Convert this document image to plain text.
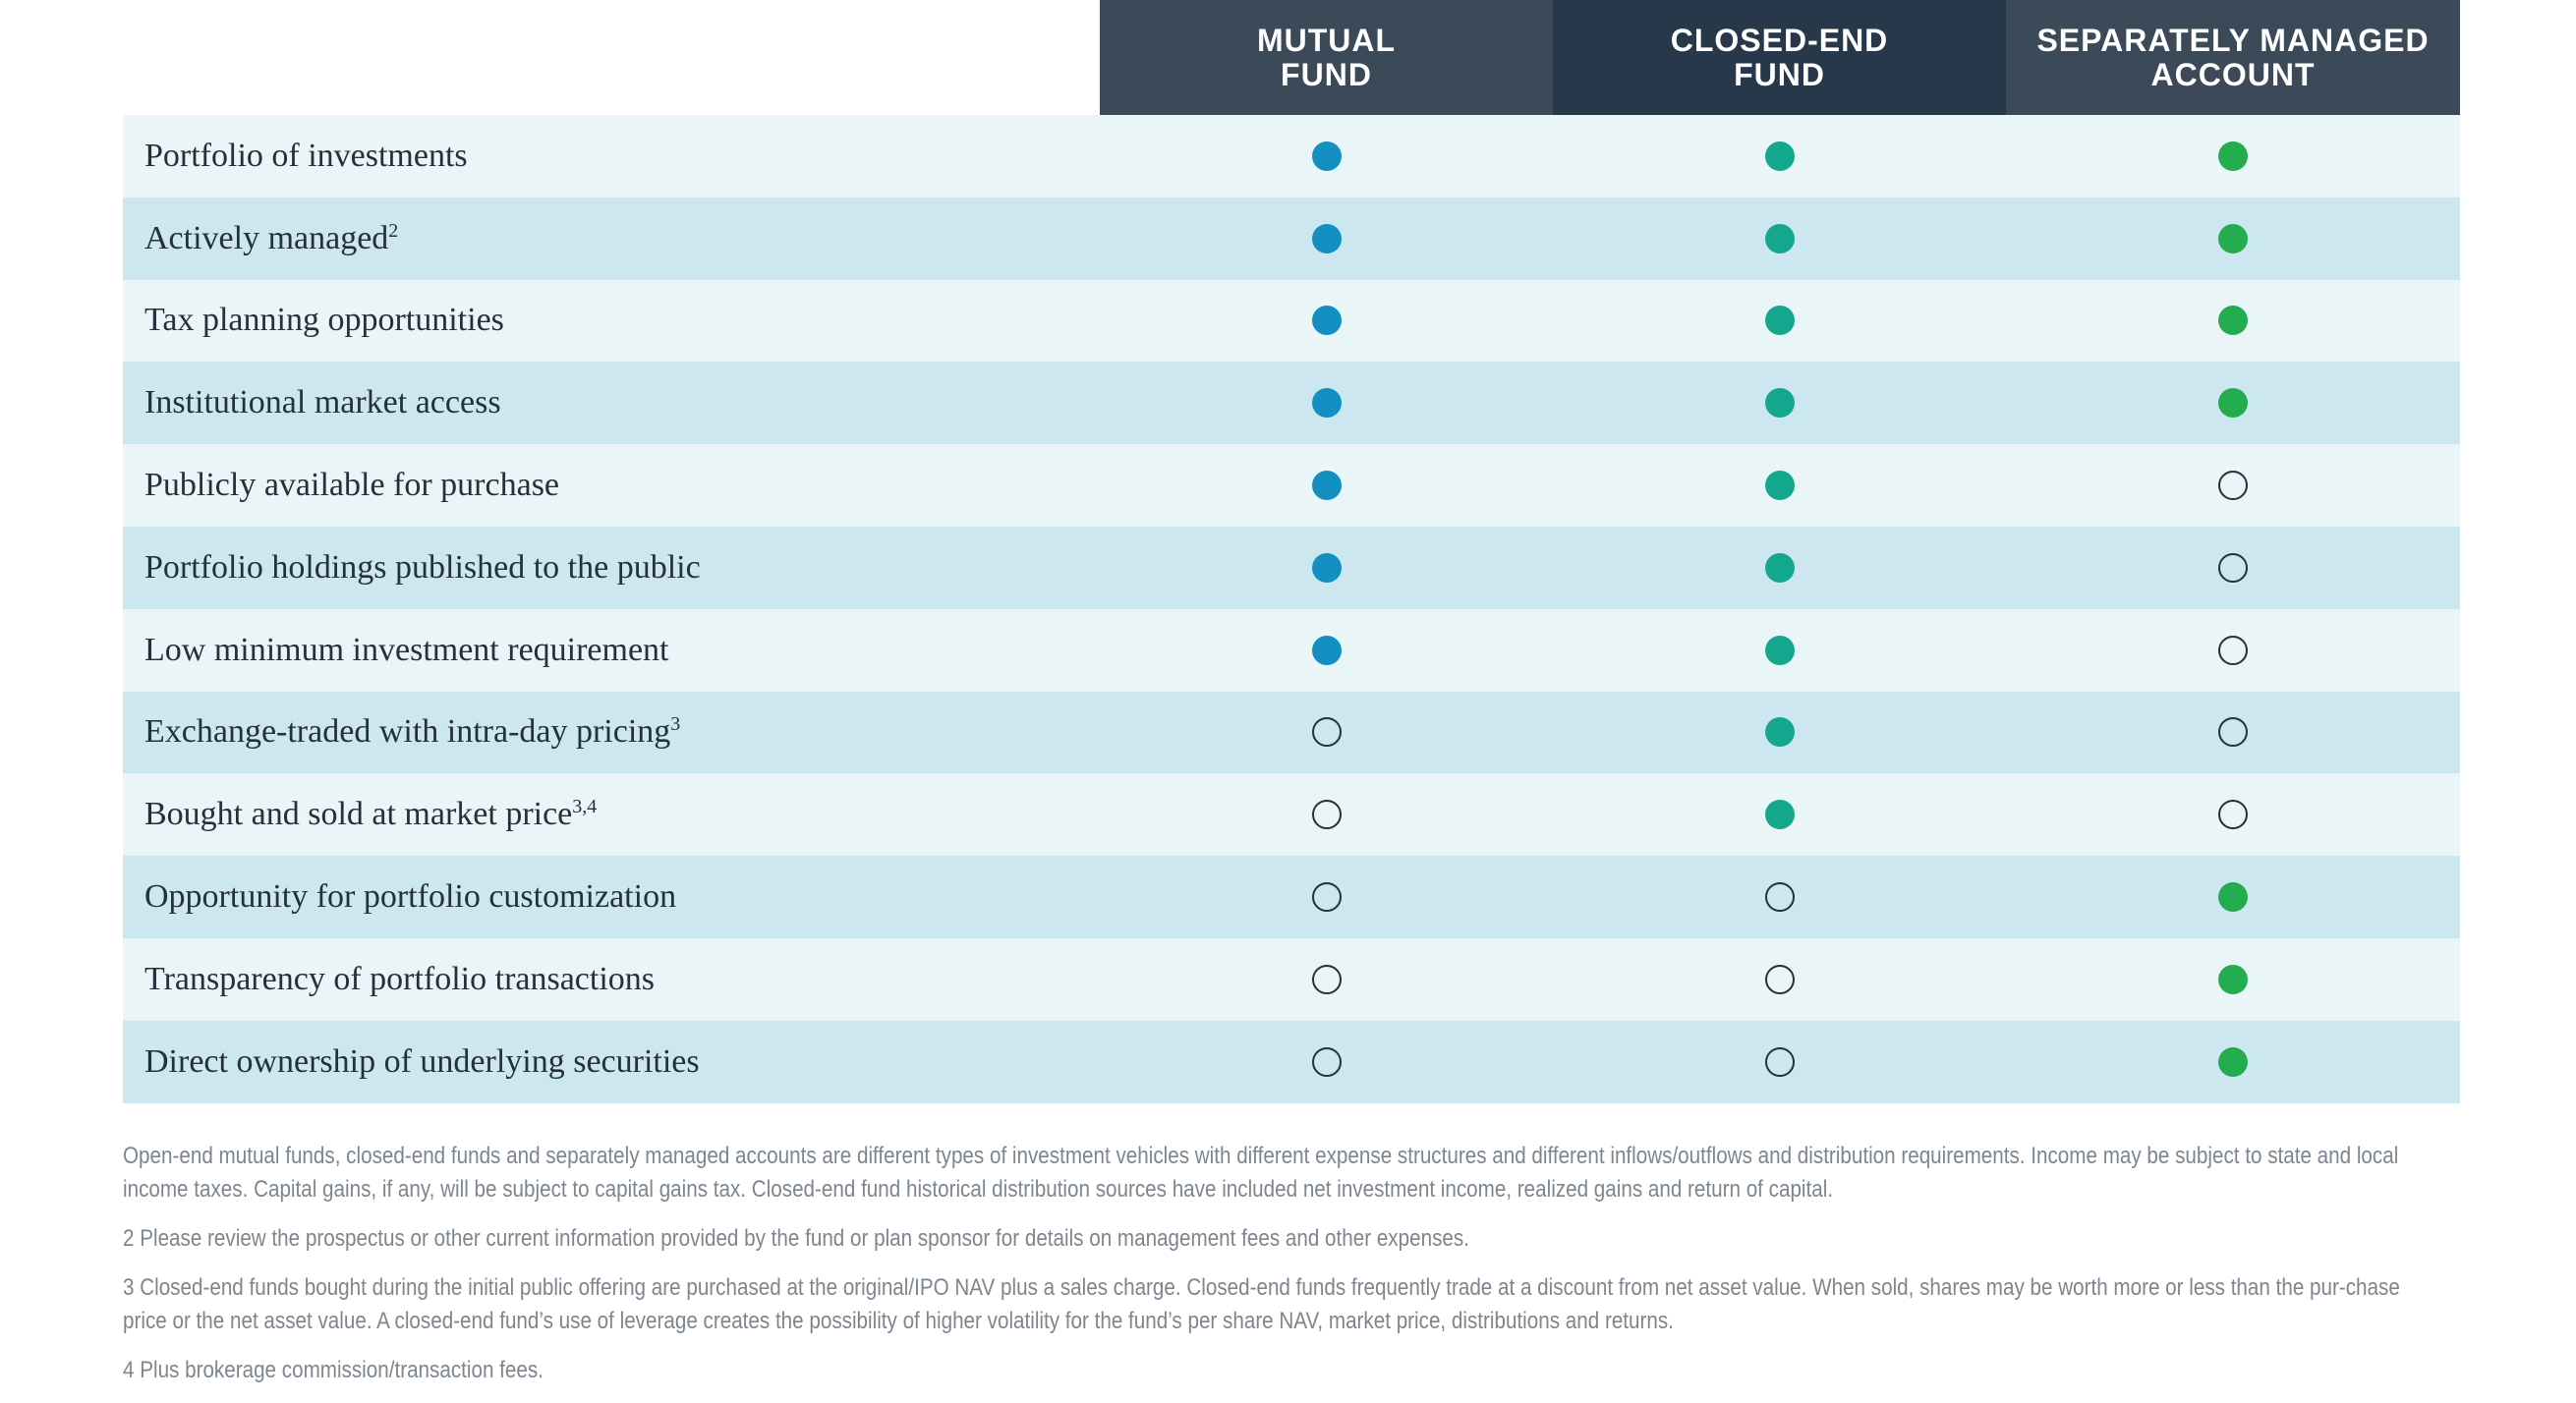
MUTUAL
FUND
CLOSED-END
FUND
SEPARATELY MANAGED
ACCOUNT
Portfolio of investments
Actively managed$^2$
Tax planning opportunities
Institutional market access
Publicly available for purchase
Portfolio holdings published to the public
Low minimum investment requirement
Exchange-traded with intra-day pricing$^3$
Bought and sold at market price$^{3,4}$
Opportunity for portfolio customization
Transparency of portfolio transactions
Direct ownership of underlying securities

Open-end mutual funds, closed-end funds and separately managed accounts are different types of investment vehicles with different expense structures and different inflows/outflows and distribution requirements. Income may be subject to state and local income taxes. Capital gains, if any, will be subject to capital gains tax. Closed-end fund historical distribution sources have included net investment income, realized gains and return of capital.

2 Please review the prospectus or other current information provided by the fund or plan sponsor for details on management fees and other expenses.

3 Closed-end funds bought during the initial public offering are purchased at the original/IPO NAV plus a sales charge. Closed-end funds frequently trade at a discount from net asset value. When sold, shares may be worth more or less than the pur-chase price or the net asset value. A closed-end fund’s use of leverage creates the possibility of higher volatility for the fund’s per share NAV, market price, distributions and returns.

4 Plus brokerage commission/transaction fees.
